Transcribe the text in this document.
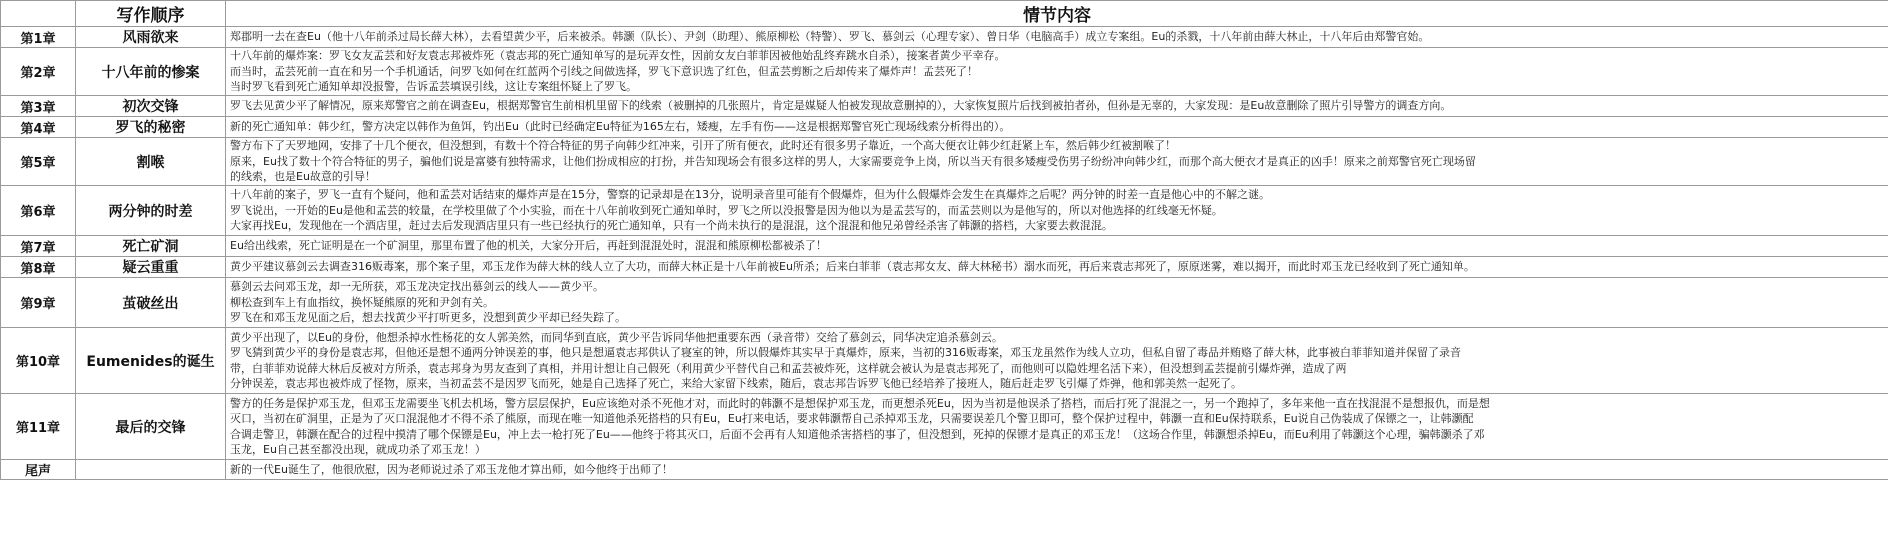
	写作顺序	情节内容
第1章	风雨欲来	郑郡明一去在查Eu（他十八年前杀过局长薛大林），去看望黄少平，后来被杀。韩灏（队长）、尹剑（助理）、熊原柳松（特警）、罗飞、慕剑云（心理专家）、曾日华（电脑高手）成立专案组。Eu的杀戮，十八年前由薛大林止，十八年后由郑警官始。

第2章	十八年前的惨案	十八年前的爆炸案：罗飞女友孟芸和好友袁志邦被炸死（袁志邦的死亡通知单写的是玩弄女性，因前女友白菲菲因被他始乱终弃跳水自杀），接案者黄少平幸存。
而当时，孟芸死前一直在和另一个手机通话，问罗飞如何在红蓝两个引线之间做选择，罗飞下意识选了红色，但孟芸剪断之后却传来了爆炸声！孟芸死了！
当时罗飞看到死亡通知单却没报警，告诉孟芸填误引线，这让专案组怀疑上了罗飞。

第3章	初次交锋	罗飞去见黄少平了解情况，原来郑警官之前在调查Eu，根据郑警官生前相机里留下的线索（被删掉的几张照片，肯定是媒疑人怕被发现故意删掉的），大家恢复照片后找到被拍者孙，但孙是无辜的，大家发现：是Eu故意删除了照片引导警方的调查方向。

第4章	罗飞的秘密	新的死亡通知单：韩少红，警方决定以韩作为鱼饵，钓出Eu（此时已经确定Eu特征为165左右，矮瘦，左手有伤——这是根据郑警官死亡现场线索分析得出的）。

第5章	割喉	警方布下了天罗地网，安排了十几个便衣，但没想到，有数十个符合特征的男子向韩少红冲来，引开了所有便衣，此时还有很多男子靠近，一个高大便衣让韩少红赶紧上车，然后韩少红被割喉了！
原来，Eu找了数十个符合特征的男子，骗他们说是富婆有独特需求，让他们扮成相应的打扮，并告知现场会有很多这样的男人，大家需要竞争上岗，所以当天有很多矮瘦受伤男子纷纷冲向韩少红，而那个高大便衣才是真正的凶手！原来之前郑警官死亡现场留
的线索，也是Eu故意的引导！

第6章	两分钟的时差	十八年前的案子，罗飞一直有个疑问，他和孟芸对话结束的爆炸声是在15分，警察的记录却是在13分，说明录音里可能有个假爆炸，但为什么假爆炸会发生在真爆炸之后呢？两分钟的时差一直是他心中的不解之谜。
罗飞说出，一开始的Eu是他和孟芸的较量，在学校里做了个小实验，而在十八年前收到死亡通知单时，罗飞之所以没报警是因为他以为是孟芸写的，而孟芸则以为是他写的，所以对他选择的红线毫无怀疑。
大家再找Eu，发现他在一个酒店里，赶过去后发现酒店里只有一些已经执行的死亡通知单，只有一个尚未执行的是混混，这个混混和他兄弟曾经杀害了韩灏的搭档，大家要去救混混。

第7章	死亡矿洞	Eu给出线索，死亡证明是在一个矿洞里，那里布置了他的机关，大家分开后，再赶到混混处时，混混和熊原柳松都被杀了！

第8章	疑云重重	黄少平建议慕剑云去调查316贩毒案，那个案子里，邓玉龙作为薛大林的线人立了大功，而薛大林正是十八年前被Eu所杀；后来白菲菲（袁志邦女友、薛大林秘书）溺水而死，再后来袁志邦死了，原原迷雾，难以揭开，而此时邓玉龙已经收到了死亡通知单。

第9章	茧破丝出	慕剑云去问邓玉龙，却一无所获，邓玉龙决定找出慕剑云的线人——黄少平。
柳松查到车上有血指纹，换怀疑熊原的死和尹剑有关。
罗飞在和邓玉龙见面之后，想去找黄少平打听更多，没想到黄少平却已经失踪了。

第10章	Eumenides的诞生	黄少平出现了，以Eu的身份，他想杀掉水性杨花的女人郭美然，而同华到直底，黄少平告诉同华他把重要东西（录音带）交给了慕剑云，同华决定追杀慕剑云。
罗飞猜到黄少平的身份是袁志邦，但他还是想不通两分钟误差的事，他只是想逼袁志邦供认了寝室的钟，所以假爆炸其实早于真爆炸，原来，当初的316贩毒案，邓玉龙虽然作为线人立功，但私自留了毒品并贿赂了薛大林，此事被白菲菲知道并保留了录音
带，白菲菲劝说薛大林后反被对方所杀，袁志邦身为男友查到了真相，并用计想让自己假死（利用黄少平替代自己和孟芸被炸死，这样就会被认为是袁志邦死了，而他则可以隐姓埋名活下来），但没想到孟芸提前引爆炸弹，造成了两
分钟误差，袁志邦也被炸成了怪物，原来，当初孟芸不是因罗飞而死，她是自己选择了死亡，来给大家留下线索，随后，袁志邦告诉罗飞他已经培养了接班人，随后赶走罗飞引爆了炸弹，他和郭美然一起死了。

第11章	最后的交锋	警方的任务是保护邓玉龙，但邓玉龙需要坐飞机去机场，警方层层保护，Eu应该绝对杀不死他才对，而此时的韩灏不是想保护邓玉龙，而更想杀死Eu，因为当初是他误杀了搭档，而后打死了混混之一，另一个跑掉了，多年来他一直在找混混不是想报仇，而是想
灭口，当初在矿洞里，正是为了灭口混混他才不得不杀了熊原，而现在唯一知道他杀死搭档的只有Eu，Eu打来电话，要求韩灏帮自己杀掉邓玉龙，只需要误差几个警卫即可，整个保护过程中，韩灏一直和Eu保持联系，Eu说自己伪装成了保镖之一，让韩灏配
合调走警卫，韩灏在配合的过程中摸清了哪个保镖是Eu，冲上去一枪打死了Eu——他终于将其灭口，后面不会再有人知道他杀害搭档的事了，但没想到，死掉的保镖才是真正的邓玉龙！（这场合作里，韩灏想杀掉Eu，而Eu利用了韩灏这个心理，骗韩灏杀了邓
玉龙，Eu自己甚至都没出现，就成功杀了邓玉龙！）

尾声		新的一代Eu诞生了，他很欣慰，因为老师说过杀了邓玉龙他才算出师，如今他终于出师了！
